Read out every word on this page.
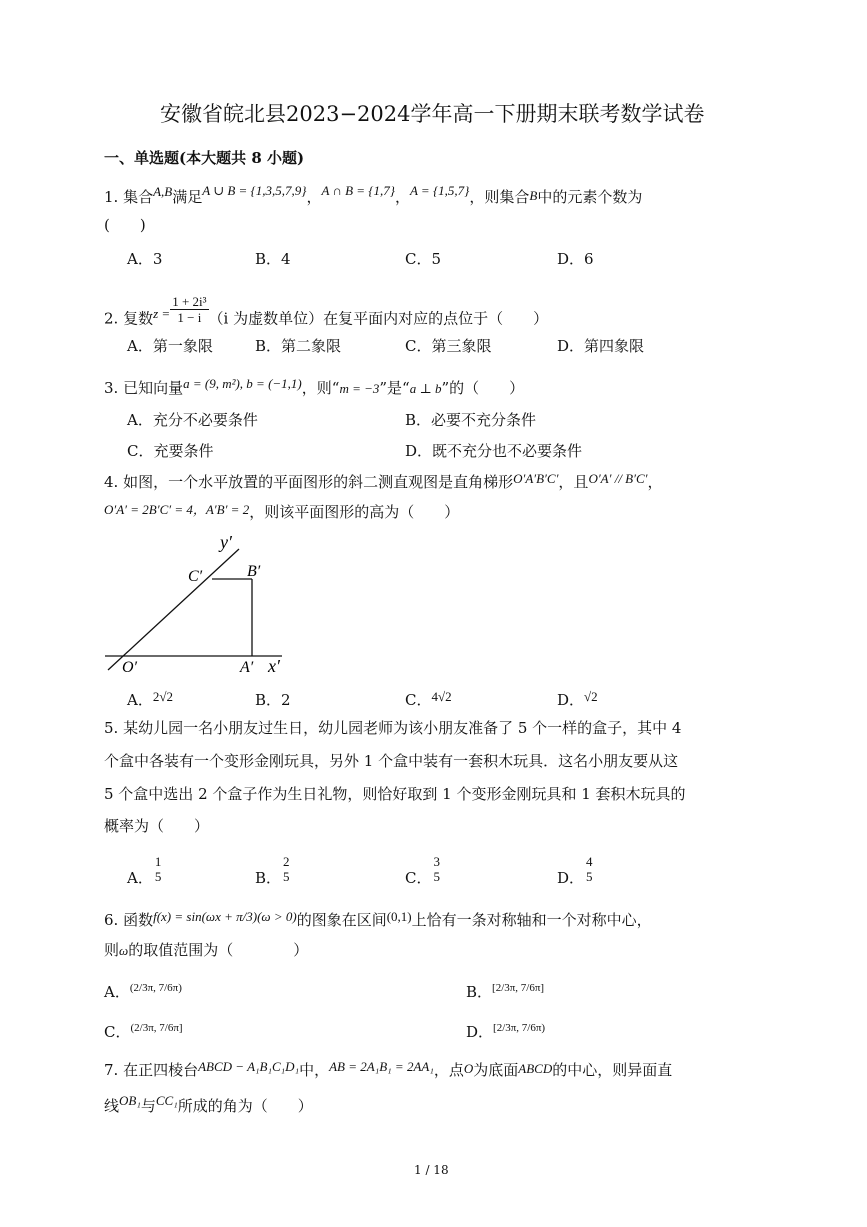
安徽省皖北县2023−2024学年高一下册期末联考数学试卷
一、单选题(本大题共 8 小题)
1. 集合A,B满足A ∪ B = {1,3,5,7,9}，A ∩ B = {1,7}，A = {1,5,7}，则集合B中的元素个数为
(　　)
A．3	B．4	C．5	D．6
2. 复数$z = \frac{\text{1 + 2i³}}{1 - i} (i$ 为虚数单位）在复平面内对应的点位于（　　）
A．第一象限	B．第二象限	C．第三象限	D．第四象限
3. 已知向量a = (9, m²), b = (−1,1)，则“m = −3”是“a ⊥ b”的（　　）
A．充分不必要条件	B．必要不充分条件
C．充要条件	D．既不充分也不必要条件
4. 如图，一个水平放置的平面图形的斜二测直观图是直角梯形O′A′B′C′，且O′A′ // B′C′，
O′A′ = 2B′C′ = 4，A′B′ = 2，则该平面图形的高为（　　）
y′
C′	B′
O′	A′ x′
A．2√2	B．2	C．4√2	D．√2
5. 某幼儿园一名小朋友过生日，幼儿园老师为该小朋友准备了 5 个一样的盒子，其中 4
个盒中各装有一个变形金刚玩具，另外 1 个盒中装有一套积木玩具．这名小朋友要从这
5 个盒中选出 2 个盒子作为生日礼物，则恰好取到 1 个变形金刚玩具和 1 套积木玩具的
概率为（　　）
A．
1
5	B．
2
5	C．
3
5	D．
4
5
6. 函数f(x) = sin(ωx + π/3)(ω > 0)的图象在区间(0,1)上恰有一条对称轴和一个对称中心，
则ω的取值范围为（　　　　）
A．$^{(2/3\pi, 7/6\pi)}$	B．[2/3π, 7/6π]
C．$^{(2/3\pi, 7/6\pi]}$	D．$^{[2/3\pi, 7/6\pi)}$
7. 在正四棱台ABCD − A₁B₁C₁D₁中，AB = 2A₁B₁ = 2AA₁，点O为底面ABCD的中心，则异面直
线OB₁与CC₁所成的角为（　　）
1 / 18
